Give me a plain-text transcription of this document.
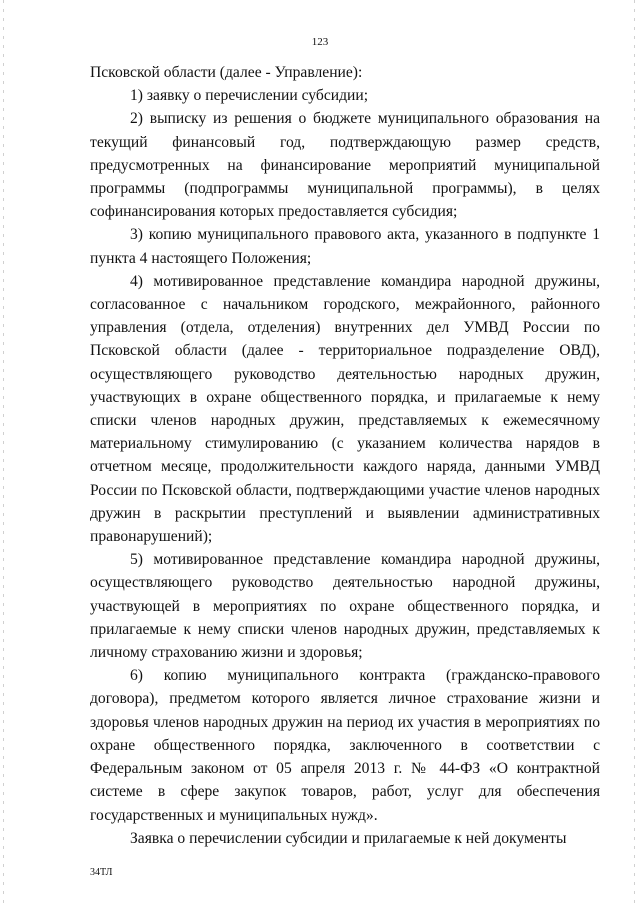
123

Псковской области (далее - Управление):

1) заявку о перечислении субсидии;

2) выписку из решения о бюджете муниципального образования на текущий финансовый год, подтверждающую размер средств, предусмотренных на финансирование мероприятий муниципальной программы (подпрограммы муниципальной программы), в целях софинансирования которых предоставляется субсидия;

3) копию муниципального правового акта, указанного в подпункте 1 пункта 4 настоящего Положения;

4) мотивированное представление командира народной дружины, согласованное с начальником городского, межрайонного, районного управления (отдела, отделения) внутренних дел УМВД России по Псковской области (далее - территориальное подразделение ОВД), осуществляющего руководство деятельностью народных дружин, участвующих в охране общественного порядка, и прилагаемые к нему списки членов народных дружин, представляемых к ежемесячному материальному стимулированию (с указанием количества нарядов в отчетном месяце, продолжительности каждого наряда, данными УМВД России по Псковской области, подтверждающими участие членов народных дружин в раскрытии преступлений и выявлении административных правонарушений);

5) мотивированное представление командира народной дружины, осуществляющего руководство деятельностью народной дружины, участвующей в мероприятиях по охране общественного порядка, и прилагаемые к нему списки членов народных дружин, представляемых к личному страхованию жизни и здоровья;

6) копию муниципального контракта (гражданско-правового договора), предметом которого является личное страхование жизни и здоровья членов народных дружин на период их участия в мероприятиях по охране общественного порядка, заключенного в соответствии с Федеральным законом от 05 апреля 2013 г. № 44-ФЗ «О контрактной системе в сфере закупок товаров, работ, услуг для обеспечения государственных и муниципальных нужд».

Заявка о перечислении субсидии и прилагаемые к ней документы

34ТЛ
